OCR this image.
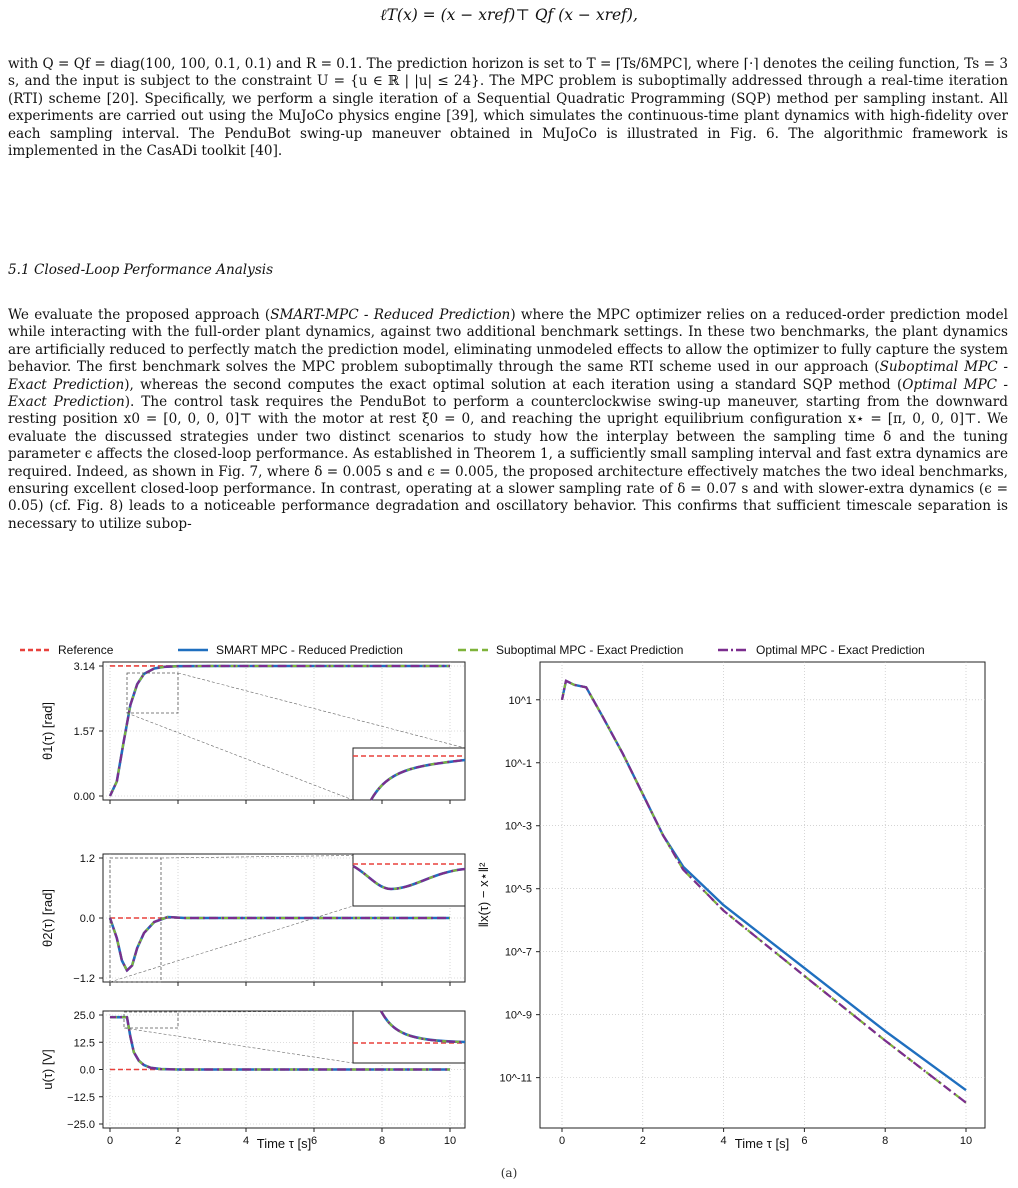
ℓT(x) = (x − xref)⊤ Qf (x − xref),
with Q = Qf = diag(100, 100, 0.1, 0.1) and R = 0.1. The prediction horizon is set to T = ⌈Ts/δMPC⌉, where ⌈·⌉ denotes the ceiling function, Ts = 3 s, and the input is subject to the constraint U = {u ∈ ℝ | |u| ≤ 24}. The MPC problem is suboptimally addressed through a real-time iteration (RTI) scheme [20]. Specifically, we perform a single iteration of a Sequential Quadratic Programming (SQP) method per sampling instant. All experiments are carried out using the MuJoCo physics engine [39], which simulates the continuous-time plant dynamics with high-fidelity over each sampling interval. The PenduBot swing-up maneuver obtained in MuJoCo is illustrated in Fig. 6. The algorithmic framework is implemented in the CasADi toolkit [40].
5.1 Closed-Loop Performance Analysis
We evaluate the proposed approach (SMART-MPC - Reduced Prediction) where the MPC optimizer relies on a reduced-order prediction model while interacting with the full-order plant dynamics, against two additional benchmark settings. In these two benchmarks, the plant dynamics are artificially reduced to perfectly match the prediction model, eliminating unmodeled effects to allow the optimizer to fully capture the system behavior. The first benchmark solves the MPC problem suboptimally through the same RTI scheme used in our approach (Suboptimal MPC - Exact Prediction), whereas the second computes the exact optimal solution at each iteration using a standard SQP method (Optimal MPC - Exact Prediction). The control task requires the PenduBot to perform a counterclockwise swing-up maneuver, starting from the downward resting position x0 = [0, 0, 0, 0]⊤ with the motor at rest ξ0 = 0, and reaching the upright equilibrium configuration x⋆ = [π, 0, 0, 0]⊤. We evaluate the discussed strategies under two distinct scenarios to study how the interplay between the sampling time δ and the tuning parameter ϵ affects the closed-loop performance. As established in Theorem 1, a sufficiently small sampling interval and fast extra dynamics are required. Indeed, as shown in Fig. 7, where δ = 0.005 s and ϵ = 0.005, the proposed architecture effectively matches the two ideal benchmarks, ensuring excellent closed-loop performance. In contrast, operating at a slower sampling rate of δ = 0.07 s and with slower-extra dynamics (ϵ = 0.05) (cf. Fig. 8) leads to a noticeable performance degradation and oscillatory behavior. This confirms that sufficient timescale separation is necessary to utilize subop-
Reference	SMART MPC - Reduced Prediction	Suboptimal MPC - Exact Prediction	Optimal MPC - Exact Prediction
0.00
1.57
3.14
θ1(τ) [rad]
−1.2
0.0
1.2
θ2(τ) [rad]
−25.0
−12.5
0.0
12.5
25.0
0	2	4	6	8	10
u(τ) [V]
Time τ [s]	0	2	4	6	8	10
10^1
10^-1
10^-3
10^-5
10^-7
10^-9
10^-11
‖x(τ) − x⋆‖²
Time τ [s]
(a)
